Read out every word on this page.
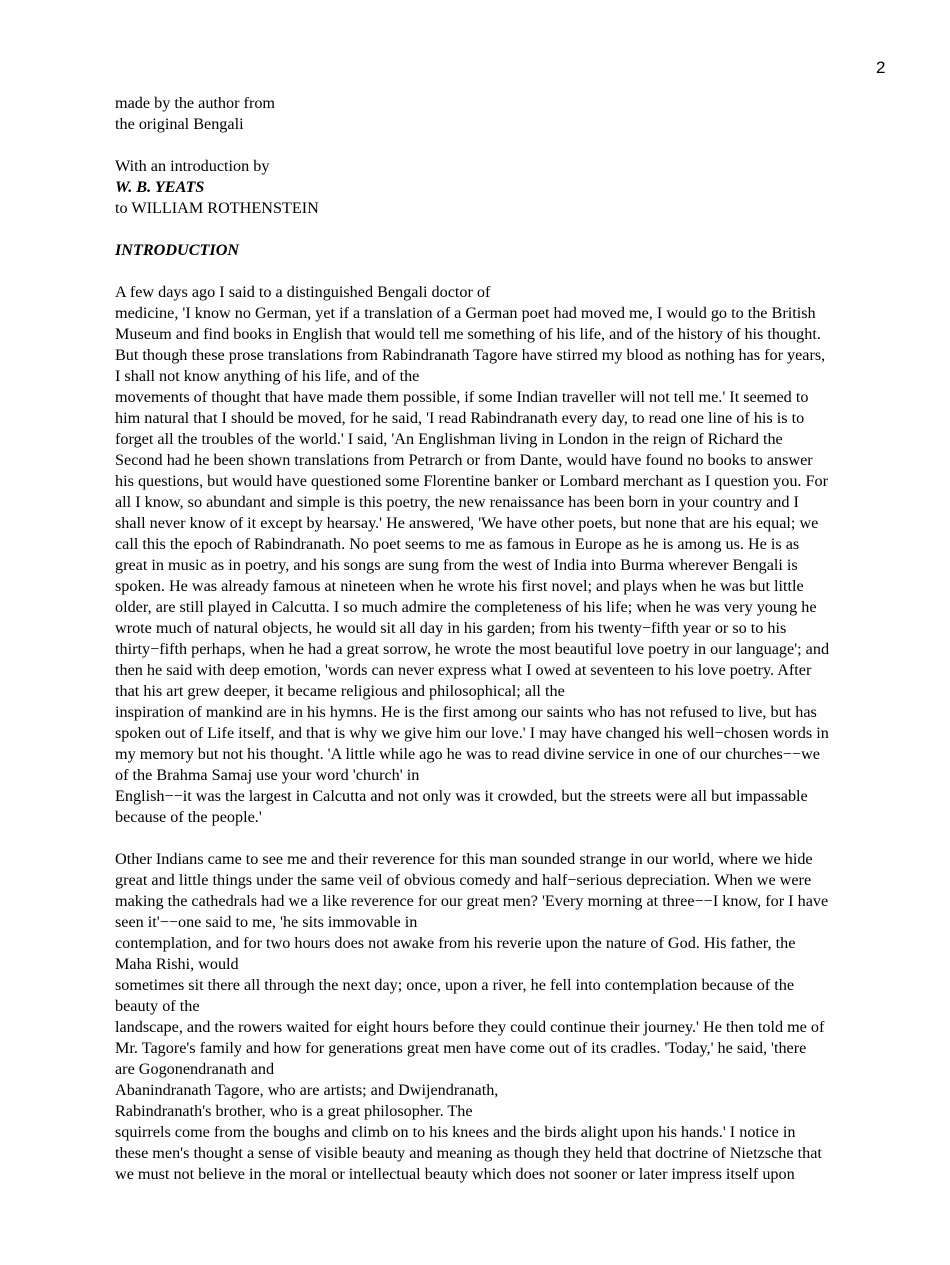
2
made by the author from
the original Bengali
With an introduction by
W. B. YEATS
to WILLIAM ROTHENSTEIN
INTRODUCTION
A few days ago I said to a distinguished Bengali doctor of
medicine, 'I know no German, yet if a translation of a German poet had moved me, I would go to the British
Museum and find books in English that would tell me something of his life, and of the history of his thought.
But though these prose translations from Rabindranath Tagore have stirred my blood as nothing has for years,
I shall not know anything of his life, and of the
movements of thought that have made them possible, if some Indian traveller will not tell me.' It seemed to
him natural that I should be moved, for he said, 'I read Rabindranath every day, to read one line of his is to
forget all the troubles of the world.' I said, 'An Englishman living in London in the reign of Richard the
Second had he been shown translations from Petrarch or from Dante, would have found no books to answer
his questions, but would have questioned some Florentine banker or Lombard merchant as I question you. For
all I know, so abundant and simple is this poetry, the new renaissance has been born in your country and I
shall never know of it except by hearsay.' He answered, 'We have other poets, but none that are his equal; we
call this the epoch of Rabindranath. No poet seems to me as famous in Europe as he is among us. He is as
great in music as in poetry, and his songs are sung from the west of India into Burma wherever Bengali is
spoken. He was already famous at nineteen when he wrote his first novel; and plays when he was but little
older, are still played in Calcutta. I so much admire the completeness of his life; when he was very young he
wrote much of natural objects, he would sit all day in his garden; from his twenty−fifth year or so to his
thirty−fifth perhaps, when he had a great sorrow, he wrote the most beautiful love poetry in our language'; and
then he said with deep emotion, 'words can never express what I owed at seventeen to his love poetry. After
that his art grew deeper, it became religious and philosophical; all the
inspiration of mankind are in his hymns. He is the first among our saints who has not refused to live, but has
spoken out of Life itself, and that is why we give him our love.' I may have changed his well−chosen words in
my memory but not his thought. 'A little while ago he was to read divine service in one of our churches−−we
of the Brahma Samaj use your word 'church' in
English−−it was the largest in Calcutta and not only was it crowded, but the streets were all but impassable
because of the people.'
Other Indians came to see me and their reverence for this man sounded strange in our world, where we hide
great and little things under the same veil of obvious comedy and half−serious depreciation. When we were
making the cathedrals had we a like reverence for our great men? 'Every morning at three−−I know, for I have
seen it'−−one said to me, 'he sits immovable in
contemplation, and for two hours does not awake from his reverie upon the nature of God. His father, the
Maha Rishi, would
sometimes sit there all through the next day; once, upon a river, he fell into contemplation because of the
beauty of the
landscape, and the rowers waited for eight hours before they could continue their journey.' He then told me of
Mr. Tagore's family and how for generations great men have come out of its cradles. 'Today,' he said, 'there
are Gogonendranath and
Abanindranath Tagore, who are artists; and Dwijendranath,
Rabindranath's brother, who is a great philosopher. The
squirrels come from the boughs and climb on to his knees and the birds alight upon his hands.' I notice in
these men's thought a sense of visible beauty and meaning as though they held that doctrine of Nietzsche that
we must not believe in the moral or intellectual beauty which does not sooner or later impress itself upon
